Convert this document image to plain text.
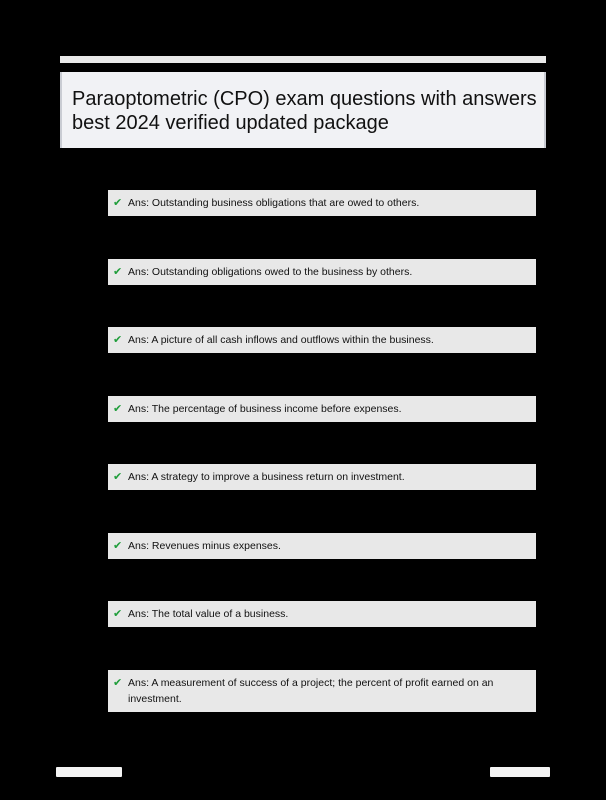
Paraoptometric (CPO) exam questions with answers best 2024 verified updated package
✔ Ans: Outstanding business obligations that are owed to others.
✔ Ans: Outstanding obligations owed to the business by others.
✔ Ans: A picture of all cash inflows and outflows within the business.
✔ Ans: The percentage of business income before expenses.
✔ Ans: A strategy to improve a business return on investment.
✔ Ans: Revenues minus expenses.
✔ Ans: The total value of a business.
✔ Ans: A measurement of success of a project; the percent of profit earned on an investment.
